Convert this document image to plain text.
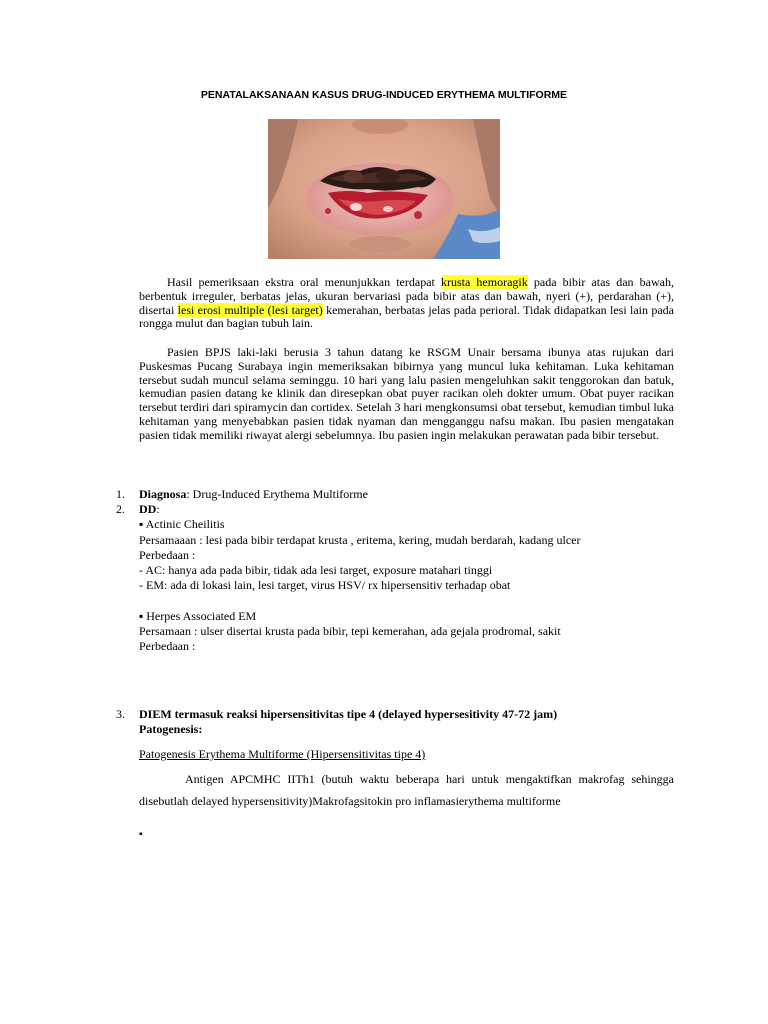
PENATALAKSANAAN KASUS DRUG-INDUCED ERYTHEMA MULTIFORME
Hasil pemeriksaan ekstra oral menunjukkan terdapat krusta hemoragik pada bibir atas dan bawah, berbentuk irreguler, berbatas jelas, ukuran bervariasi pada bibir atas dan bawah, nyeri (+), perdarahan (+), disertai lesi erosi multiple (lesi target) kemerahan, berbatas jelas pada perioral. Tidak didapatkan lesi lain pada rongga mulut dan bagian tubuh lain.
Pasien BPJS laki-laki berusia 3 tahun datang ke RSGM Unair bersama ibunya atas rujukan dari Puskesmas Pucang Surabaya ingin memeriksakan bibirnya yang muncul luka kehitaman. Luka kehitaman tersebut sudah muncul selama seminggu. 10 hari yang lalu pasien mengeluhkan sakit tenggorokan dan batuk, kemudian pasien datang ke klinik dan diresepkan obat puyer racikan oleh dokter umum. Obat puyer racikan tersebut terdiri dari spiramycin dan cortidex. Setelah 3 hari mengkonsumsi obat tersebut, kemudian timbul luka kehitaman yang menyebabkan pasien tidak nyaman dan mengganggu nafsu makan. Ibu pasien mengatakan pasien tidak memiliki riwayat alergi sebelumnya. Ibu pasien ingin melakukan perawatan pada bibir tersebut.
1. Diagnosa: Drug-Induced Erythema Multiforme
2. DD:
▪ Actinic Cheilitis
Persamaaan : lesi pada bibir terdapat krusta , eritema, kering, mudah berdarah, kadang ulcer
Perbedaan :
- AC: hanya ada pada bibir, tidak ada lesi target, exposure matahari tinggi
- EM: ada di lokasi lain, lesi target, virus HSV/ rx hipersensitiv terhadap obat
▪ Herpes Associated EM
Persamaan : ulser disertai krusta pada bibir, tepi kemerahan, ada gejala prodromal, sakit
Perbedaan :
3. DIEM termasuk reaksi hipersensitivitas tipe 4 (delayed hypersesitivity 47-72 jam)
Patogenesis:
Patogenesis Erythema Multiforme (Hipersensitivitas tipe 4)
Antigen APCMHC IITh1 (butuh waktu beberapa hari untuk mengaktifkan makrofag sehingga disebutlah delayed hypersensitivity)Makrofagsitokin pro inflamasierythema multiforme
▪
